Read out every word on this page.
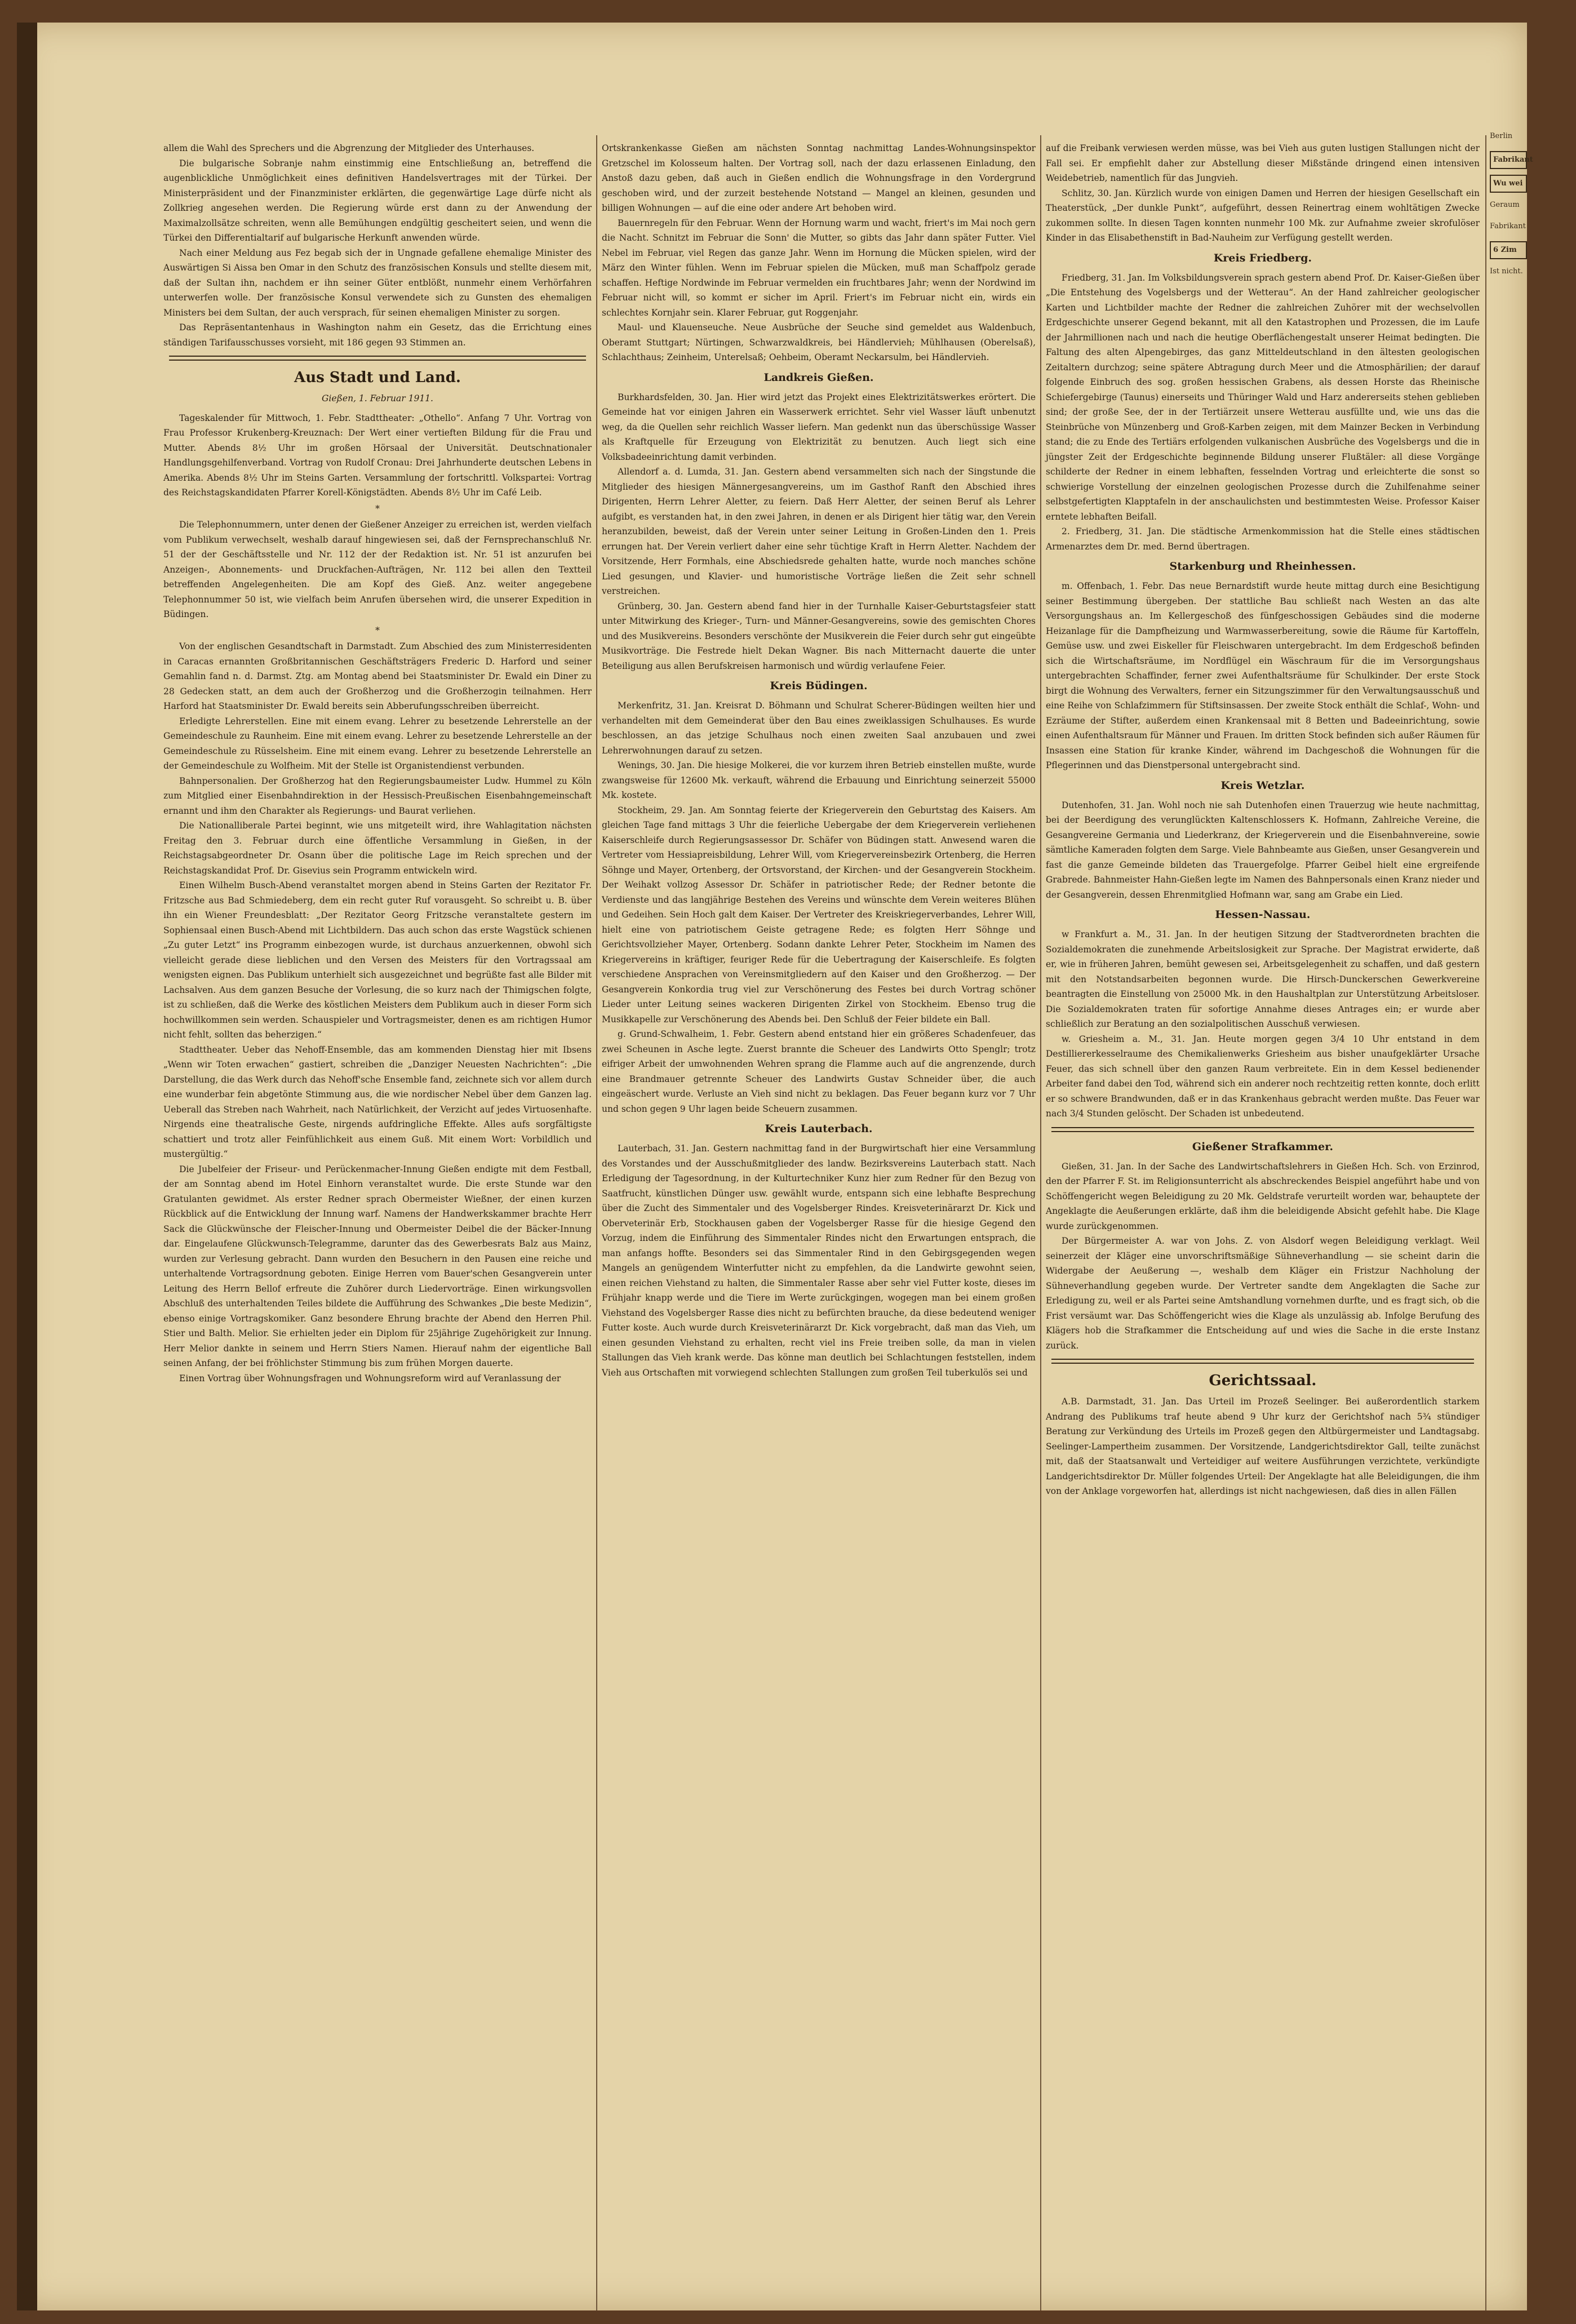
allem die Wahl des Sprechers und die Abgrenzung der Mitglieder des Unterhauses.

Die bulgarische Sobranje nahm einstimmig eine Entschließung an, betreffend die augenblickliche Unmöglichkeit eines definitiven Handelsvertrages mit der Türkei. Der Ministerpräsident und der Finanzminister erklärten, die gegenwärtige Lage dürfe nicht als Zollkrieg angesehen werden. Die Regierung würde erst dann zu der Anwendung der Maximalzollsätze schreiten, wenn alle Bemühungen endgültig gescheitert seien, und wenn die Türkei den Differentialtarif auf bulgarische Herkunft anwenden würde.

Nach einer Meldung aus Fez begab sich der in Ungnade gefallene ehemalige Minister des Auswärtigen Si Aissa ben Omar in den Schutz des französischen Konsuls und stellte diesem mit, daß der Sultan ihn, nachdem er ihn seiner Güter entblößt, nunmehr einem Verhörfahren unterwerfen wolle. Der französische Konsul verwendete sich zu Gunsten des ehemaligen Ministers bei dem Sultan, der auch versprach, für seinen ehemaligen Minister zu sorgen.

Das Repräsentantenhaus in Washington nahm ein Gesetz, das die Errichtung eines ständigen Tarifausschusses vorsieht, mit 186 gegen 93 Stimmen an.

Aus Stadt und Land.
Gießen, 1. Februar 1911.

Tageskalender für Mittwoch, 1. Febr. Stadttheater: „Othello“. Anfang 7 Uhr. Vortrag von Frau Professor Krukenberg-Kreuznach: Der Wert einer vertieften Bildung für die Frau und Mutter. Abends 8½ Uhr im großen Hörsaal der Universität. Deutschnationaler Handlungsgehilfenverband. Vortrag von Rudolf Cronau: Drei Jahrhunderte deutschen Lebens in Amerika. Abends 8½ Uhr im Steins Garten. Versammlung der fortschrittl. Volkspartei: Vortrag des Reichstagskandidaten Pfarrer Korell-Königstädten. Abends 8½ Uhr im Café Leib.

*

Die Telephonnummern, unter denen der Gießener Anzeiger zu erreichen ist, werden vielfach vom Publikum verwechselt, weshalb darauf hingewiesen sei, daß der Fernsprechanschluß Nr. 51 der der Geschäftsstelle und Nr. 112 der der Redaktion ist. Nr. 51 ist anzurufen bei Anzeigen-, Abonnements- und Druckfachen-Aufträgen, Nr. 112 bei allen den Textteil betreffenden Angelegenheiten. Die am Kopf des Gieß. Anz. weiter angegebene Telephonnummer 50 ist, wie vielfach beim Anrufen übersehen wird, die unserer Expedition in Büdingen.

*

Von der englischen Gesandtschaft in Darmstadt. Zum Abschied des zum Ministerresidenten in Caracas ernannten Großbritannischen Geschäftsträgers Frederic D. Harford und seiner Gemahlin fand n. d. Darmst. Ztg. am Montag abend bei Staatsminister Dr. Ewald ein Diner zu 28 Gedecken statt, an dem auch der Großherzog und die Großherzogin teilnahmen. Herr Harford hat Staatsminister Dr. Ewald bereits sein Abberufungsschreiben überreicht.

Erledigte Lehrerstellen. Eine mit einem evang. Lehrer zu besetzende Lehrerstelle an der Gemeindeschule zu Raunheim. Eine mit einem evang. Lehrer zu besetzende Lehrerstelle an der Gemeindeschule zu Rüsselsheim. Eine mit einem evang. Lehrer zu besetzende Lehrerstelle an der Gemeindeschule zu Wolfheim. Mit der Stelle ist Organistendienst verbunden.

Bahnpersonalien. Der Großherzog hat den Regierungsbaumeister Ludw. Hummel zu Köln zum Mitglied einer Eisenbahndirektion in der Hessisch-Preußischen Eisenbahngemeinschaft ernannt und ihm den Charakter als Regierungs- und Baurat verliehen.

Die Nationalliberale Partei beginnt, wie uns mitgeteilt wird, ihre Wahlagitation nächsten Freitag den 3. Februar durch eine öffentliche Versammlung in Gießen, in der Reichstagsabgeordneter Dr. Osann über die politische Lage im Reich sprechen und der Reichstagskandidat Prof. Dr. Gisevius sein Programm entwickeln wird.

Einen Wilhelm Busch-Abend veranstaltet morgen abend in Steins Garten der Rezitator Fr. Fritzsche aus Bad Schmiedeberg, dem ein recht guter Ruf vorausgeht. So schreibt u. B. über ihn ein Wiener Freundesblatt: „Der Rezitator Georg Fritzsche veranstaltete gestern im Sophiensaal einen Busch-Abend mit Lichtbildern. Das auch schon das erste Wagstück schienen „Zu guter Letzt“ ins Programm einbezogen wurde, ist durchaus anzuerkennen, obwohl sich vielleicht gerade diese lieblichen und den Versen des Meisters für den Vortragssaal am wenigsten eignen. Das Publikum unterhielt sich ausgezeichnet und begrüßte fast alle Bilder mit Lachsalven. Aus dem ganzen Besuche der Vorlesung, die so kurz nach der Thimigschen folgte, ist zu schließen, daß die Werke des köstlichen Meisters dem Publikum auch in dieser Form sich hochwillkommen sein werden. Schauspieler und Vortragsmeister, denen es am richtigen Humor nicht fehlt, sollten das beherzigen.“

Stadttheater. Ueber das Nehoff-Ensemble, das am kommenden Dienstag hier mit Ibsens „Wenn wir Toten erwachen“ gastiert, schreiben die „Danziger Neuesten Nachrichten“: „Die Darstellung, die das Werk durch das Nehoff'sche Ensemble fand, zeichnete sich vor allem durch eine wunderbar fein abgetönte Stimmung aus, die wie nordischer Nebel über dem Ganzen lag. Ueberall das Streben nach Wahrheit, nach Natürlichkeit, der Verzicht auf jedes Virtuosenhafte. Nirgends eine theatralische Geste, nirgends aufdringliche Effekte. Alles aufs sorgfältigste schattiert und trotz aller Feinfühlichkeit aus einem Guß. Mit einem Wort: Vorbildlich und mustergültig.“

Die Jubelfeier der Friseur- und Perückenmacher-Innung Gießen endigte mit dem Festball, der am Sonntag abend im Hotel Einhorn veranstaltet wurde. Die erste Stunde war den Gratulanten gewidmet. Als erster Redner sprach Obermeister Wießner, der einen kurzen Rückblick auf die Entwicklung der Innung warf. Namens der Handwerkskammer brachte Herr Sack die Glückwünsche der Fleischer-Innung und Obermeister Deibel die der Bäcker-Innung dar. Eingelaufene Glückwunsch-Telegramme, darunter das des Gewerbesrats Balz aus Mainz, wurden zur Verlesung gebracht. Dann wurden den Besuchern in den Pausen eine reiche und unterhaltende Vortragsordnung geboten. Einige Herren vom Bauer'schen Gesangverein unter Leitung des Herrn Bellof erfreute die Zuhörer durch Liedervorträge. Einen wirkungsvollen Abschluß des unterhaltenden Teiles bildete die Aufführung des Schwankes „Die beste Medizin“, ebenso einige Vortragskomiker. Ganz besondere Ehrung brachte der Abend den Herren Phil. Stier und Balth. Melior. Sie erhielten jeder ein Diplom für 25jährige Zugehörigkeit zur Innung. Herr Melior dankte in seinem und Herrn Stiers Namen. Hierauf nahm der eigentliche Ball seinen Anfang, der bei fröhlichster Stimmung bis zum frühen Morgen dauerte.

Einen Vortrag über Wohnungsfragen und Wohnungsreform wird auf Veranlassung der

Ortskrankenkasse Gießen am nächsten Sonntag nachmittag Landes-Wohnungsinspektor Gretzschel im Kolosseum halten. Der Vortrag soll, nach der dazu erlassenen Einladung, den Anstoß dazu geben, daß auch in Gießen endlich die Wohnungsfrage in den Vordergrund geschoben wird, und der zurzeit bestehende Notstand — Mangel an kleinen, gesunden und billigen Wohnungen — auf die eine oder andere Art behoben wird.

Bauernregeln für den Februar. Wenn der Hornung warm und wacht, friert's im Mai noch gern die Nacht. Schnitzt im Februar die Sonn' die Mutter, so gibts das Jahr dann später Futter. Viel Nebel im Februar, viel Regen das ganze Jahr. Wenn im Hornung die Mücken spielen, wird der März den Winter fühlen. Wenn im Februar spielen die Mücken, muß man Schaffpolz gerade schaffen. Heftige Nordwinde im Februar vermelden ein fruchtbares Jahr; wenn der Nordwind im Februar nicht will, so kommt er sicher im April. Friert's im Februar nicht ein, wirds ein schlechtes Kornjahr sein. Klarer Februar, gut Roggenjahr.

Maul- und Klauenseuche. Neue Ausbrüche der Seuche sind gemeldet aus Waldenbuch, Oberamt Stuttgart; Nürtingen, Schwarzwaldkreis, bei Händlervieh; Mühlhausen (Oberelsaß), Schlachthaus; Zeinheim, Unterelsaß; Oehbeim, Oberamt Neckarsulm, bei Händlervieh.

Landkreis Gießen.

Burkhardsfelden, 30. Jan. Hier wird jetzt das Projekt eines Elektrizitätswerkes erörtert. Die Gemeinde hat vor einigen Jahren ein Wasserwerk errichtet. Sehr viel Wasser läuft unbenutzt weg, da die Quellen sehr reichlich Wasser liefern. Man gedenkt nun das überschüssige Wasser als Kraftquelle für Erzeugung von Elektrizität zu benutzen. Auch liegt sich eine Volksbadeeinrichtung damit verbinden.

Allendorf a. d. Lumda, 31. Jan. Gestern abend versammelten sich nach der Singstunde die Mitglieder des hiesigen Männergesangvereins, um im Gasthof Ranft den Abschied ihres Dirigenten, Herrn Lehrer Aletter, zu feiern. Daß Herr Aletter, der seinen Beruf als Lehrer aufgibt, es verstanden hat, in den zwei Jahren, in denen er als Dirigent hier tätig war, den Verein heranzubilden, beweist, daß der Verein unter seiner Leitung in Großen-Linden den 1. Preis errungen hat. Der Verein verliert daher eine sehr tüchtige Kraft in Herrn Aletter. Nachdem der Vorsitzende, Herr Formhals, eine Abschiedsrede gehalten hatte, wurde noch manches schöne Lied gesungen, und Klavier- und humoristische Vorträge ließen die Zeit sehr schnell verstreichen.

Grünberg, 30. Jan. Gestern abend fand hier in der Turnhalle Kaiser-Geburtstagsfeier statt unter Mitwirkung des Krieger-, Turn- und Männer-Gesangvereins, sowie des gemischten Chores und des Musikvereins. Besonders verschönte der Musikverein die Feier durch sehr gut eingeübte Musikvorträge. Die Festrede hielt Dekan Wagner. Bis nach Mitternacht dauerte die unter Beteiligung aus allen Berufskreisen harmonisch und würdig verlaufene Feier.

Kreis Büdingen.

Merkenfritz, 31. Jan. Kreisrat D. Böhmann und Schulrat Scherer-Büdingen weilten hier und verhandelten mit dem Gemeinderat über den Bau eines zweiklassigen Schulhauses. Es wurde beschlossen, an das jetzige Schulhaus noch einen zweiten Saal anzubauen und zwei Lehrerwohnungen darauf zu setzen.

Wenings, 30. Jan. Die hiesige Molkerei, die vor kurzem ihren Betrieb einstellen mußte, wurde zwangsweise für 12600 Mk. verkauft, während die Erbauung und Einrichtung seinerzeit 55000 Mk. kostete.

Stockheim, 29. Jan. Am Sonntag feierte der Kriegerverein den Geburtstag des Kaisers. Am gleichen Tage fand mittags 3 Uhr die feierliche Uebergabe der dem Kriegerverein verliehenen Kaiserschleife durch Regierungsassessor Dr. Schäfer von Büdingen statt. Anwesend waren die Vertreter vom Hessiapreisbildung, Lehrer Will, vom Kriegervereinsbezirk Ortenberg, die Herren Söhnge und Mayer, Ortenberg, der Ortsvorstand, der Kirchen- und der Gesangverein Stockheim. Der Weihakt vollzog Assessor Dr. Schäfer in patriotischer Rede; der Redner betonte die Verdienste und das langjährige Bestehen des Vereins und wünschte dem Verein weiteres Blühen und Gedeihen. Sein Hoch galt dem Kaiser. Der Vertreter des Kreiskriegerverbandes, Lehrer Will, hielt eine von patriotischem Geiste getragene Rede; es folgten Herr Söhnge und Gerichtsvollzieher Mayer, Ortenberg. Sodann dankte Lehrer Peter, Stockheim im Namen des Kriegervereins in kräftiger, feuriger Rede für die Uebertragung der Kaiserschleife. Es folgten verschiedene Ansprachen von Vereinsmitgliedern auf den Kaiser und den Großherzog. — Der Gesangverein Konkordia trug viel zur Verschönerung des Festes bei durch Vortrag schöner Lieder unter Leitung seines wackeren Dirigenten Zirkel von Stockheim. Ebenso trug die Musikkapelle zur Verschönerung des Abends bei. Den Schluß der Feier bildete ein Ball.

g. Grund-Schwalheim, 1. Febr. Gestern abend entstand hier ein größeres Schadenfeuer, das zwei Scheunen in Asche legte. Zuerst brannte die Scheuer des Landwirts Otto Spenglr; trotz eifriger Arbeit der umwohnenden Wehren sprang die Flamme auch auf die angrenzende, durch eine Brandmauer getrennte Scheuer des Landwirts Gustav Schneider über, die auch eingeäschert wurde. Verluste an Vieh sind nicht zu beklagen. Das Feuer begann kurz vor 7 Uhr und schon gegen 9 Uhr lagen beide Scheuern zusammen.

Kreis Lauterbach.

Lauterbach, 31. Jan. Gestern nachmittag fand in der Burgwirtschaft hier eine Versammlung des Vorstandes und der Ausschußmitglieder des landw. Bezirksvereins Lauterbach statt. Nach Erledigung der Tagesordnung, in der Kulturtechniker Kunz hier zum Redner für den Bezug von Saatfrucht, künstlichen Dünger usw. gewählt wurde, entspann sich eine lebhafte Besprechung über die Zucht des Simmentaler und des Vogelsberger Rindes. Kreisveterinärarzt Dr. Kick und Oberveterinär Erb, Stockhausen gaben der Vogelsberger Rasse für die hiesige Gegend den Vorzug, indem die Einführung des Simmentaler Rindes nicht den Erwartungen entsprach, die man anfangs hoffte. Besonders sei das Simmentaler Rind in den Gebirgsgegenden wegen Mangels an genügendem Winterfutter nicht zu empfehlen, da die Landwirte gewohnt seien, einen reichen Viehstand zu halten, die Simmentaler Rasse aber sehr viel Futter koste, dieses im Frühjahr knapp werde und die Tiere im Werte zurückgingen, wogegen man bei einem großen Viehstand des Vogelsberger Rasse dies nicht zu befürchten brauche, da diese bedeutend weniger Futter koste. Auch wurde durch Kreisveterinärarzt Dr. Kick vorgebracht, daß man das Vieh, um einen gesunden Viehstand zu erhalten, recht viel ins Freie treiben solle, da man in vielen Stallungen das Vieh krank werde. Das könne man deutlich bei Schlachtungen feststellen, indem Vieh aus Ortschaften mit vorwiegend schlechten Stallungen zum großen Teil tuberkulös sei und

auf die Freibank verwiesen werden müsse, was bei Vieh aus guten lustigen Stallungen nicht der Fall sei. Er empfiehlt daher zur Abstellung dieser Mißstände dringend einen intensiven Weidebetrieb, namentlich für das Jungvieh.

Schlitz, 30. Jan. Kürzlich wurde von einigen Damen und Herren der hiesigen Gesellschaft ein Theaterstück, „Der dunkle Punkt“, aufgeführt, dessen Reinertrag einem wohltätigen Zwecke zukommen sollte. In diesen Tagen konnten nunmehr 100 Mk. zur Aufnahme zweier skrofulöser Kinder in das Elisabethenstift in Bad-Nauheim zur Verfügung gestellt werden.

Kreis Friedberg.

Friedberg, 31. Jan. Im Volksbildungsverein sprach gestern abend Prof. Dr. Kaiser-Gießen über „Die Entstehung des Vogelsbergs und der Wetterau“. An der Hand zahlreicher geologischer Karten und Lichtbilder machte der Redner die zahlreichen Zuhörer mit der wechselvollen Erdgeschichte unserer Gegend bekannt, mit all den Katastrophen und Prozessen, die im Laufe der Jahrmillionen nach und nach die heutige Oberflächengestalt unserer Heimat bedingten. Die Faltung des alten Alpengebirges, das ganz Mitteldeutschland in den ältesten geologischen Zeitaltern durchzog; seine spätere Abtragung durch Meer und die Atmosphärilien; der darauf folgende Einbruch des sog. großen hessischen Grabens, als dessen Horste das Rheinische Schiefergebirge (Taunus) einerseits und Thüringer Wald und Harz andererseits stehen geblieben sind; der große See, der in der Tertiärzeit unsere Wetterau ausfüllte und, wie uns das die Steinbrüche von Münzenberg und Groß-Karben zeigen, mit dem Mainzer Becken in Verbindung stand; die zu Ende des Tertiärs erfolgenden vulkanischen Ausbrüche des Vogelsbergs und die in jüngster Zeit der Erdgeschichte beginnende Bildung unserer Flußtäler: all diese Vorgänge schilderte der Redner in einem lebhaften, fesselnden Vortrag und erleichterte die sonst so schwierige Vorstellung der einzelnen geologischen Prozesse durch die Zuhilfenahme seiner selbstgefertigten Klapptafeln in der anschaulichsten und bestimmtesten Weise. Professor Kaiser erntete lebhaften Beifall.

2. Friedberg, 31. Jan. Die städtische Armenkommission hat die Stelle eines städtischen Armenarztes dem Dr. med. Bernd übertragen.

Starkenburg und Rheinhessen.

m. Offenbach, 1. Febr. Das neue Bernardstift wurde heute mittag durch eine Besichtigung seiner Bestimmung übergeben. Der stattliche Bau schließt nach Westen an das alte Versorgungshaus an. Im Kellergeschoß des fünfgeschossigen Gebäudes sind die moderne Heizanlage für die Dampfheizung und Warmwasserbereitung, sowie die Räume für Kartoffeln, Gemüse usw. und zwei Eiskeller für Fleischwaren untergebracht. Im dem Erdgeschoß befinden sich die Wirtschaftsräume, im Nordflügel ein Wäschraum für die im Versorgungshaus untergebrachten Schaffinder, ferner zwei Aufenthaltsräume für Schulkinder. Der erste Stock birgt die Wohnung des Verwalters, ferner ein Sitzungszimmer für den Verwaltungsausschuß und eine Reihe von Schlafzimmern für Stiftsinsassen. Der zweite Stock enthält die Schlaf-, Wohn- und Ezräume der Stifter, außerdem einen Krankensaal mit 8 Betten und Badeeinrichtung, sowie einen Aufenthaltsraum für Männer und Frauen. Im dritten Stock befinden sich außer Räumen für Insassen eine Station für kranke Kinder, während im Dachgeschoß die Wohnungen für die Pflegerinnen und das Dienstpersonal untergebracht sind.

Kreis Wetzlar.

Dutenhofen, 31. Jan. Wohl noch nie sah Dutenhofen einen Trauerzug wie heute nachmittag, bei der Beerdigung des verunglückten Kaltenschlossers K. Hofmann, Zahlreiche Vereine, die Gesangvereine Germania und Liederkranz, der Kriegerverein und die Eisenbahnvereine, sowie sämtliche Kameraden folgten dem Sarge. Viele Bahnbeamte aus Gießen, unser Gesangverein und fast die ganze Gemeinde bildeten das Trauergefolge. Pfarrer Geibel hielt eine ergreifende Grabrede. Bahnmeister Hahn-Gießen legte im Namen des Bahnpersonals einen Kranz nieder und der Gesangverein, dessen Ehrenmitglied Hofmann war, sang am Grabe ein Lied.

Hessen-Nassau.

w Frankfurt a. M., 31. Jan. In der heutigen Sitzung der Stadtverordneten brachten die Sozialdemokraten die zunehmende Arbeitslosigkeit zur Sprache. Der Magistrat erwiderte, daß er, wie in früheren Jahren, bemüht gewesen sei, Arbeitsgelegenheit zu schaffen, und daß gestern mit den Notstandsarbeiten begonnen wurde. Die Hirsch-Dunckerschen Gewerkvereine beantragten die Einstellung von 25000 Mk. in den Haushaltplan zur Unterstützung Arbeitsloser. Die Sozialdemokraten traten für sofortige Annahme dieses Antrages ein; er wurde aber schließlich zur Beratung an den sozialpolitischen Ausschuß verwiesen.

w. Griesheim a. M., 31. Jan. Heute morgen gegen 3/4 10 Uhr entstand in dem Destilliererkesselraume des Chemikalienwerks Griesheim aus bisher unaufgeklärter Ursache Feuer, das sich schnell über den ganzen Raum verbreitete. Ein in dem Kessel bedienender Arbeiter fand dabei den Tod, während sich ein anderer noch rechtzeitig retten konnte, doch erlitt er so schwere Brandwunden, daß er in das Krankenhaus gebracht werden mußte. Das Feuer war nach 3/4 Stunden gelöscht. Der Schaden ist unbedeutend.

Gießener Strafkammer.

Gießen, 31. Jan. In der Sache des Landwirtschaftslehrers in Gießen Hch. Sch. von Erzinrod, den der Pfarrer F. St. im Religionsunterricht als abschreckendes Beispiel angeführt habe und von Schöffengericht wegen Beleidigung zu 20 Mk. Geldstrafe verurteilt worden war, behauptete der Angeklagte die Aeußerungen erklärte, daß ihm die beleidigende Absicht gefehlt habe. Die Klage wurde zurückgenommen.

Der Bürgermeister A. war von Johs. Z. von Alsdorf wegen Beleidigung verklagt. Weil seinerzeit der Kläger eine unvorschriftsmäßige Sühneverhandlung — sie scheint darin die Widergabe der Aeußerung —, weshalb dem Kläger ein Fristzur Nachholung der Sühneverhandlung gegeben wurde. Der Vertreter sandte dem Angeklagten die Sache zur Erledigung zu, weil er als Partei seine Amtshandlung vornehmen durfte, und es fragt sich, ob die Frist versäumt war. Das Schöffengericht wies die Klage als unzulässig ab. Infolge Berufung des Klägers hob die Strafkammer die Entscheidung auf und wies die Sache in die erste Instanz zurück.

Gerichtssaal.

A.B. Darmstadt, 31. Jan. Das Urteil im Prozeß Seelinger. Bei außerordentlich starkem Andrang des Publikums traf heute abend 9 Uhr kurz der Gerichtshof nach 5¾ stündiger Beratung zur Verkündung des Urteils im Prozeß gegen den Altbürgermeister und Landtagsabg. Seelinger-Lampertheim zusammen. Der Vorsitzende, Landgerichtsdirektor Gall, teilte zunächst mit, daß der Staatsanwalt und Verteidiger auf weitere Ausführungen verzichtete, verkündigte Landgerichtsdirektor Dr. Müller folgendes Urteil: Der Angeklagte hat alle Beleidigungen, die ihm von der Anklage vorgeworfen hat, allerdings ist nicht nachgewiesen, daß dies in allen Fällen

Berlin

Fabrikant
Wu wei

Geraum

Fabrikant

6 Zim

Ist nicht.
